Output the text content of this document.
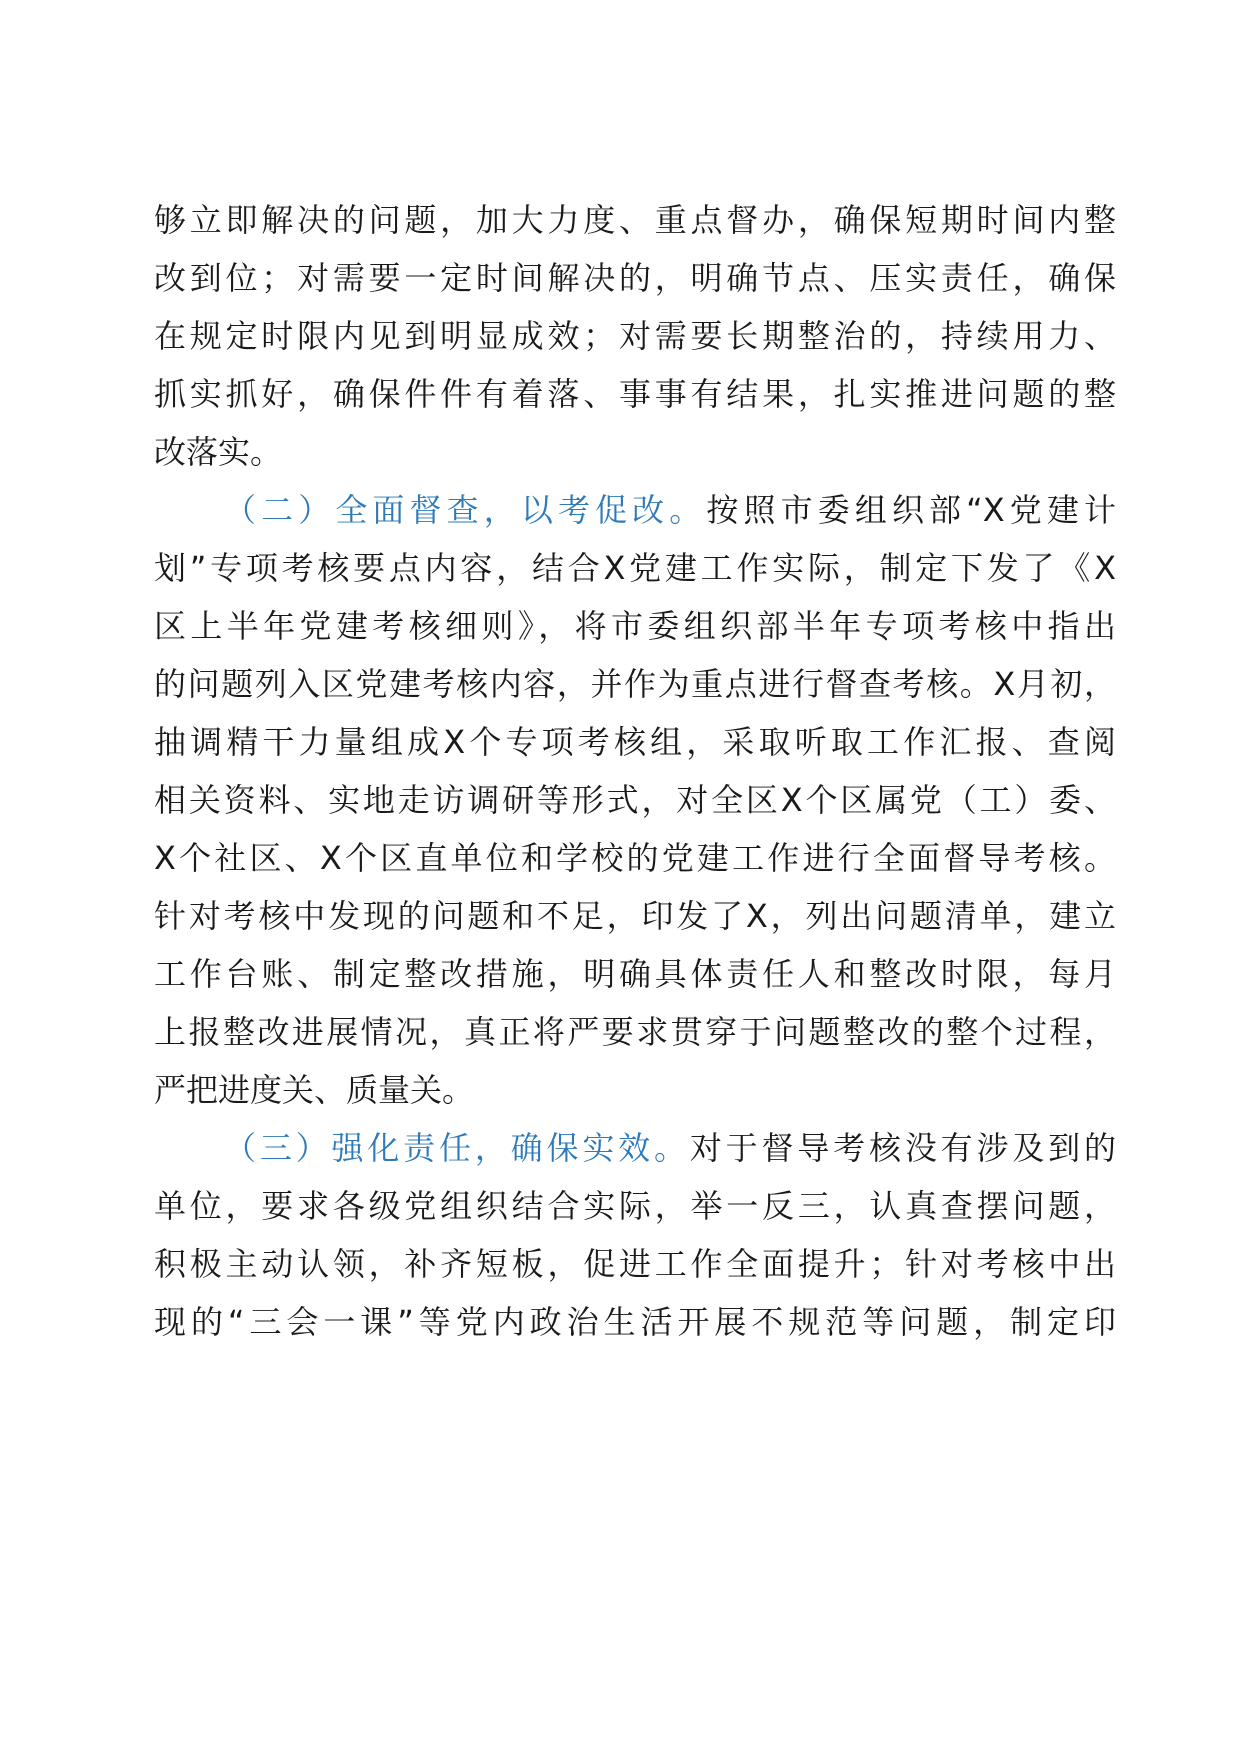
够立即解决的问题，加大力度、重点督办，确保短期时间内整
改到位；对需要一定时间解决的，明确节点、压实责任，确保
在规定时限内见到明显成效；对需要长期整治的，持续用力、
抓实抓好，确保件件有着落、事事有结果，扎实推进问题的整
改落实。
（二）全面督查，以考促改。按照市委组织部“X党建计
划”专项考核要点内容，结合X党建工作实际，制定下发了《X
区上半年党建考核细则》，将市委组织部半年专项考核中指出
的问题列入区党建考核内容，并作为重点进行督查考核。X月初，
抽调精干力量组成X个专项考核组，采取听取工作汇报、查阅
相关资料、实地走访调研等形式，对全区X个区属党（工）委、
X个社区、X个区直单位和学校的党建工作进行全面督导考核。
针对考核中发现的问题和不足，印发了X，列出问题清单，建立
工作台账、制定整改措施，明确具体责任人和整改时限，每月
上报整改进展情况，真正将严要求贯穿于问题整改的整个过程，
严把进度关、质量关。
（三）强化责任，确保实效。对于督导考核没有涉及到的
单位，要求各级党组织结合实际，举一反三，认真查摆问题，
积极主动认领，补齐短板，促进工作全面提升；针对考核中出
现的“三会一课”等党内政治生活开展不规范等问题，制定印
